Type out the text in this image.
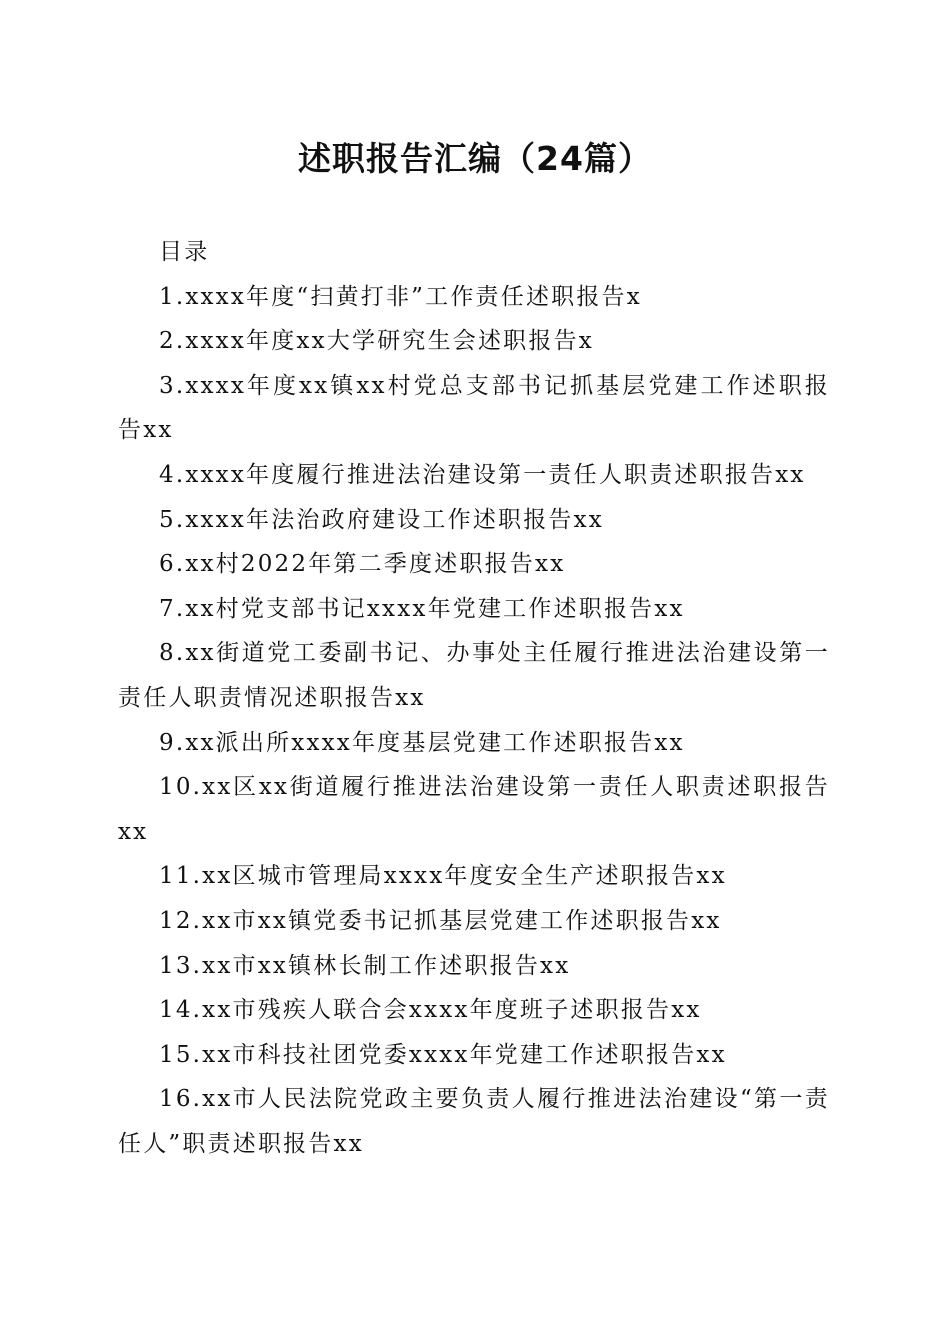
述职报告汇编（24篇）

目录

1.xxxx年度“扫黄打非”工作责任述职报告x

2.xxxx年度xx大学研究生会述职报告x

3.xxxx年度xx镇xx村党总支部书记抓基层党建工作述职报告xx

4.xxxx年度履行推进法治建设第一责任人职责述职报告xx

5.xxxx年法治政府建设工作述职报告xx

6.xx村2022年第二季度述职报告xx

7.xx村党支部书记xxxx年党建工作述职报告xx

8.xx街道党工委副书记、办事处主任履行推进法治建设第一责任人职责情况述职报告xx

9.xx派出所xxxx年度基层党建工作述职报告xx

10.xx区xx街道履行推进法治建设第一责任人职责述职报告xx

11.xx区城市管理局xxxx年度安全生产述职报告xx

12.xx市xx镇党委书记抓基层党建工作述职报告xx

13.xx市xx镇林长制工作述职报告xx

14.xx市残疾人联合会xxxx年度班子述职报告xx

15.xx市科技社团党委xxxx年党建工作述职报告xx

16.xx市人民法院党政主要负责人履行推进法治建设“第一责任人”职责述职报告xx
